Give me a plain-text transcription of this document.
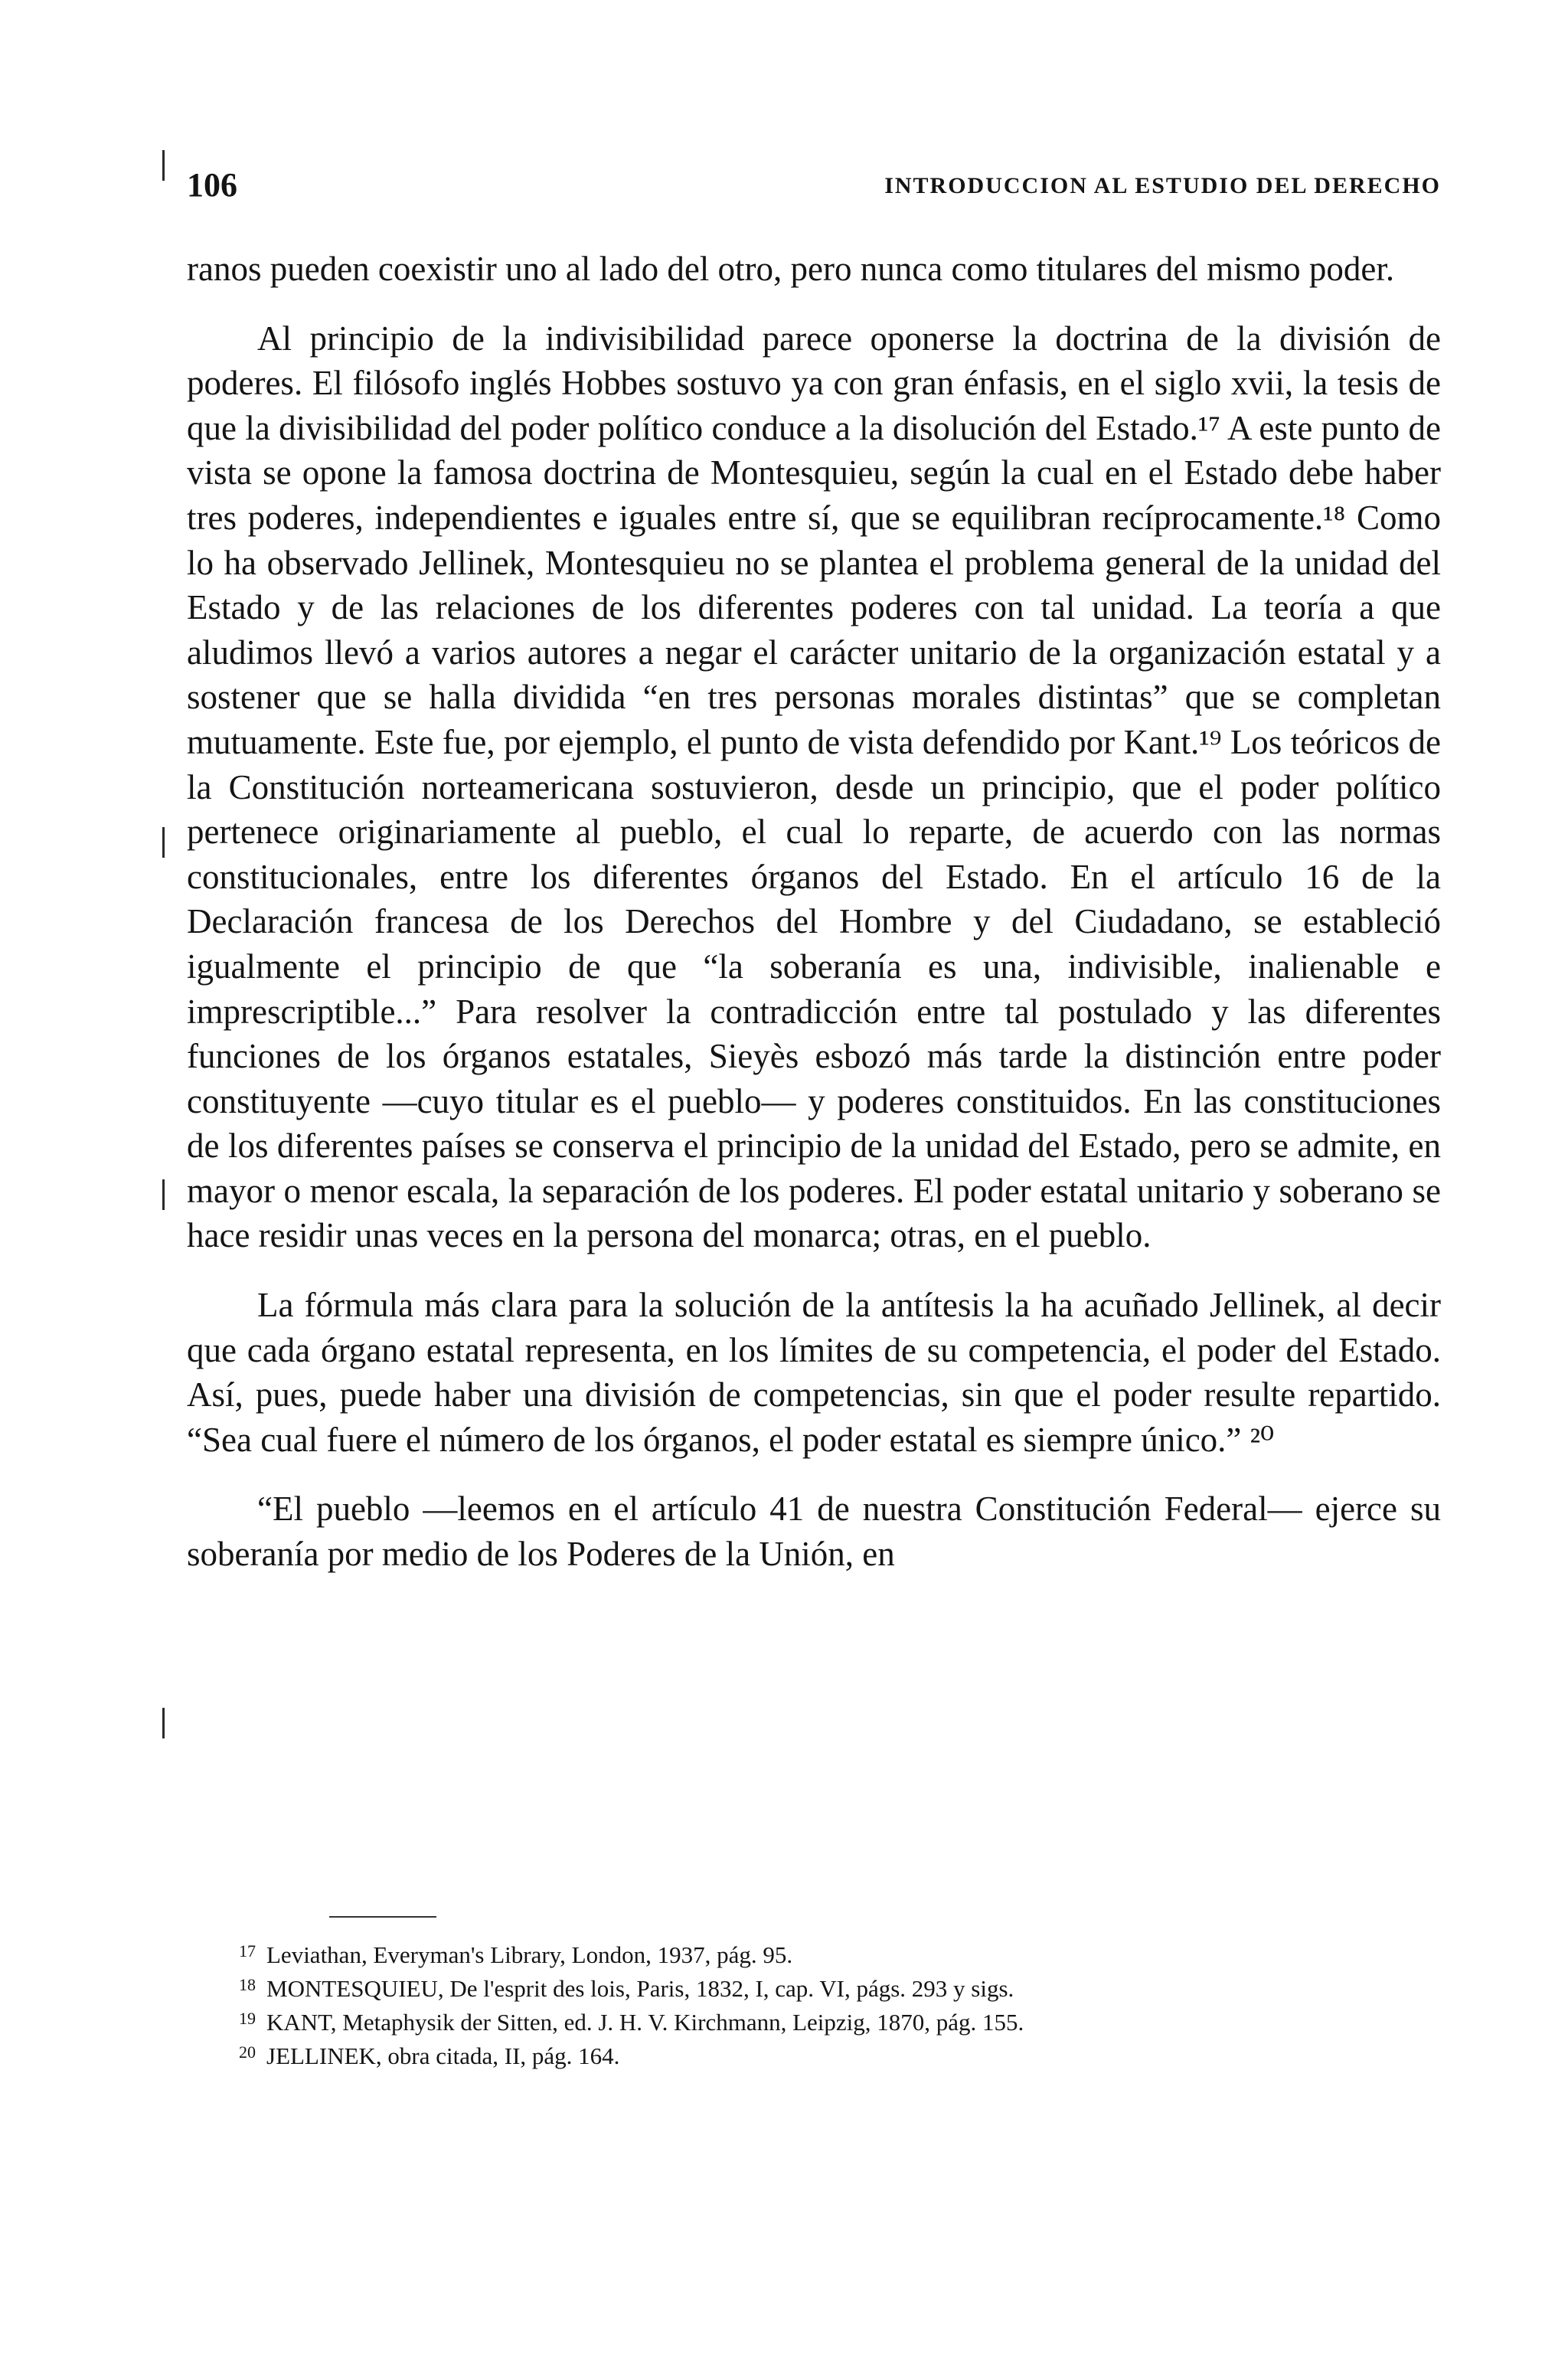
106	INTRODUCCION AL ESTUDIO DEL DERECHO

ranos pueden coexistir uno al lado del otro, pero nunca como titulares del mismo poder.

Al principio de la indivisibilidad parece oponerse la doctrina de la división de poderes. El filósofo inglés Hobbes sostuvo ya con gran énfasis, en el siglo xvii, la tesis de que la divisibilidad del poder político conduce a la disolución del Estado.¹⁷ A este punto de vista se opone la famosa doctrina de Montesquieu, según la cual en el Estado debe haber tres poderes, independientes e iguales entre sí, que se equilibran recíprocamente.¹⁸ Como lo ha observado Jellinek, Montesquieu no se plantea el problema general de la unidad del Estado y de las relaciones de los diferentes poderes con tal unidad. La teoría a que aludimos llevó a varios autores a negar el carácter unitario de la organización estatal y a sostener que se halla dividida “en tres personas morales distintas” que se completan mutuamente. Este fue, por ejemplo, el punto de vista defendido por Kant.¹⁹ Los teóricos de la Constitución norteamericana sostuvieron, desde un principio, que el poder político pertenece originariamente al pueblo, el cual lo reparte, de acuerdo con las normas constitucionales, entre los diferentes órganos del Estado. En el artículo 16 de la Declaración francesa de los Derechos del Hombre y del Ciudadano, se estableció igualmente el principio de que “la soberanía es una, indivisible, inalienable e imprescriptible...” Para resolver la contradicción entre tal postulado y las diferentes funciones de los órganos estatales, Sieyès esbozó más tarde la distinción entre poder constituyente —cuyo titular es el pueblo— y poderes constituidos. En las constituciones de los diferentes países se conserva el principio de la unidad del Estado, pero se admite, en mayor o menor escala, la separación de los poderes. El poder estatal unitario y soberano se hace residir unas veces en la persona del monarca; otras, en el pueblo.

La fórmula más clara para la solución de la antítesis la ha acuñado Jellinek, al decir que cada órgano estatal representa, en los límites de su competencia, el poder del Estado. Así, pues, puede haber una división de competencias, sin que el poder resulte repartido. “Sea cual fuere el número de los órganos, el poder estatal es siempre único.” ²⁰

“El pueblo —leemos en el artículo 41 de nuestra Constitución Federal— ejerce su soberanía por medio de los Poderes de la Unión, en

17 Leviathan, Everyman's Library, London, 1937, pág. 95.
18 MONTESQUIEU, De l'esprit des lois, Paris, 1832, I, cap. VI, págs. 293 y sigs.
19 KANT, Metaphysik der Sitten, ed. J. H. V. Kirchmann, Leipzig, 1870, pág. 155.
20 JELLINEK, obra citada, II, pág. 164.
